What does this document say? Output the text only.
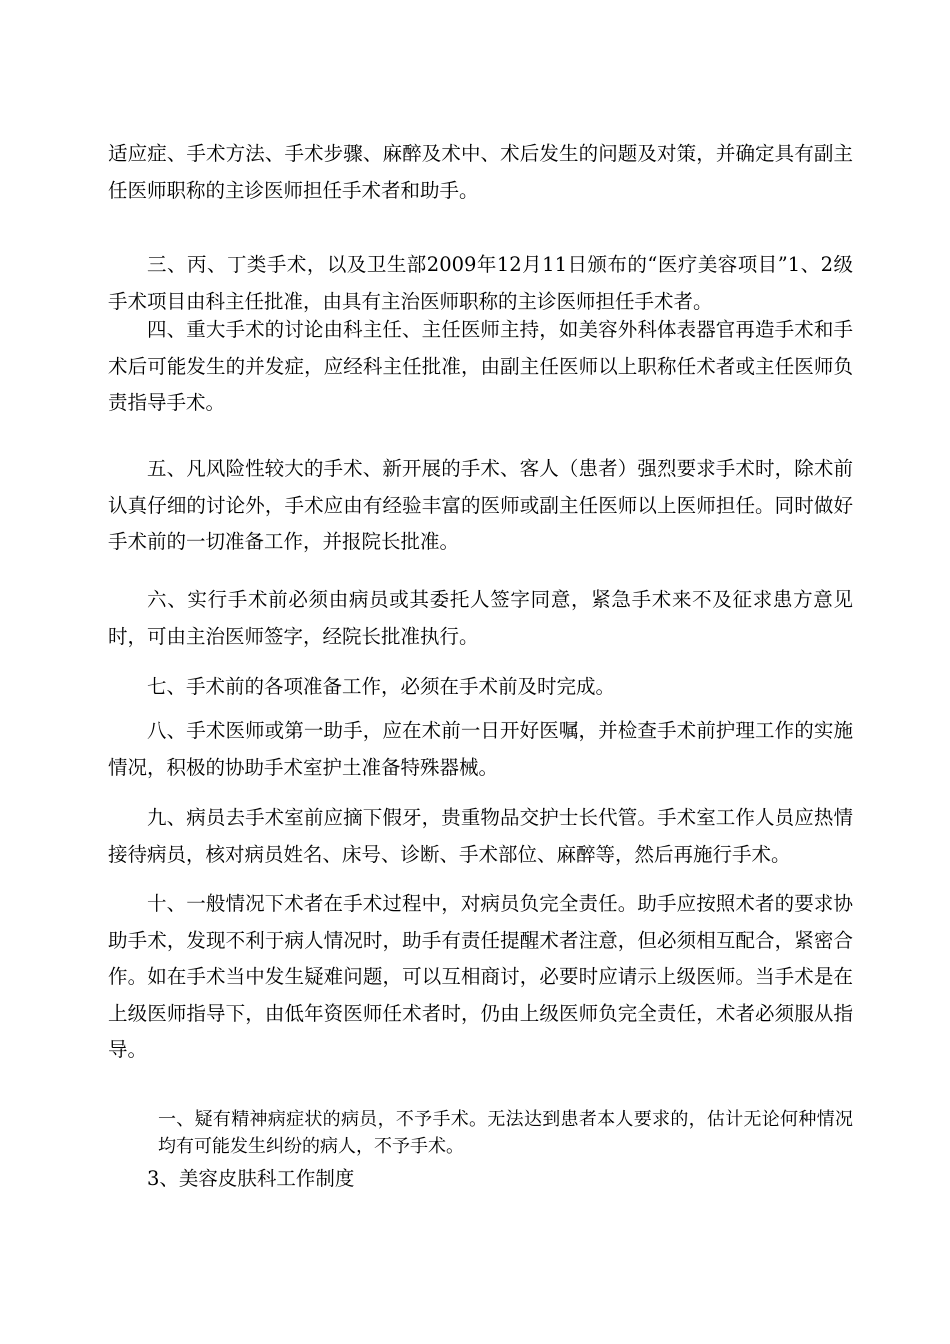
适应症、手术方法、手术步骤、麻醉及术中、术后发生的问题及对策，并确定具有副主任医师职称的主诊医师担任手术者和助手。
三、丙、丁类手术，以及卫生部2009年12月11日颁布的“医疗美容项目”1、2级手术项目由科主任批准，由具有主治医师职称的主诊医师担任手术者。
四、重大手术的讨论由科主任、主任医师主持，如美容外科体表器官再造手术和手术后可能发生的并发症，应经科主任批准，由副主任医师以上职称任术者或主任医师负责指导手术。
五、凡风险性较大的手术、新开展的手术、客人（患者）强烈要求手术时，除术前认真仔细的讨论外，手术应由有经验丰富的医师或副主任医师以上医师担任。同时做好手术前的一切准备工作，并报院长批准。
六、实行手术前必须由病员或其委托人签字同意，紧急手术来不及征求患方意见时，可由主治医师签字，经院长批准执行。
七、手术前的各项准备工作，必须在手术前及时完成。
八、手术医师或第一助手，应在术前一日开好医嘱，并检查手术前护理工作的实施情况，积极的协助手术室护土准备特殊器械。
九、病员去手术室前应摘下假牙，贵重物品交护士长代管。手术室工作人员应热情接待病员，核对病员姓名、床号、诊断、手术部位、麻醉等，然后再施行手术。
十、一般情况下术者在手术过程中，对病员负完全责任。助手应按照术者的要求协助手术，发现不利于病人情况时，助手有责任提醒术者注意，但必须相互配合，紧密合作。如在手术当中发生疑难问题，可以互相商讨，必要时应请示上级医师。当手术是在上级医师指导下，由低年资医师任术者时，仍由上级医师负完全责任，术者必须服从指导。
一、疑有精神病症状的病员，不予手术。无法达到患者本人要求的，估计无论何种情况均有可能发生纠纷的病人，不予手术。
3、美容皮肤科工作制度
